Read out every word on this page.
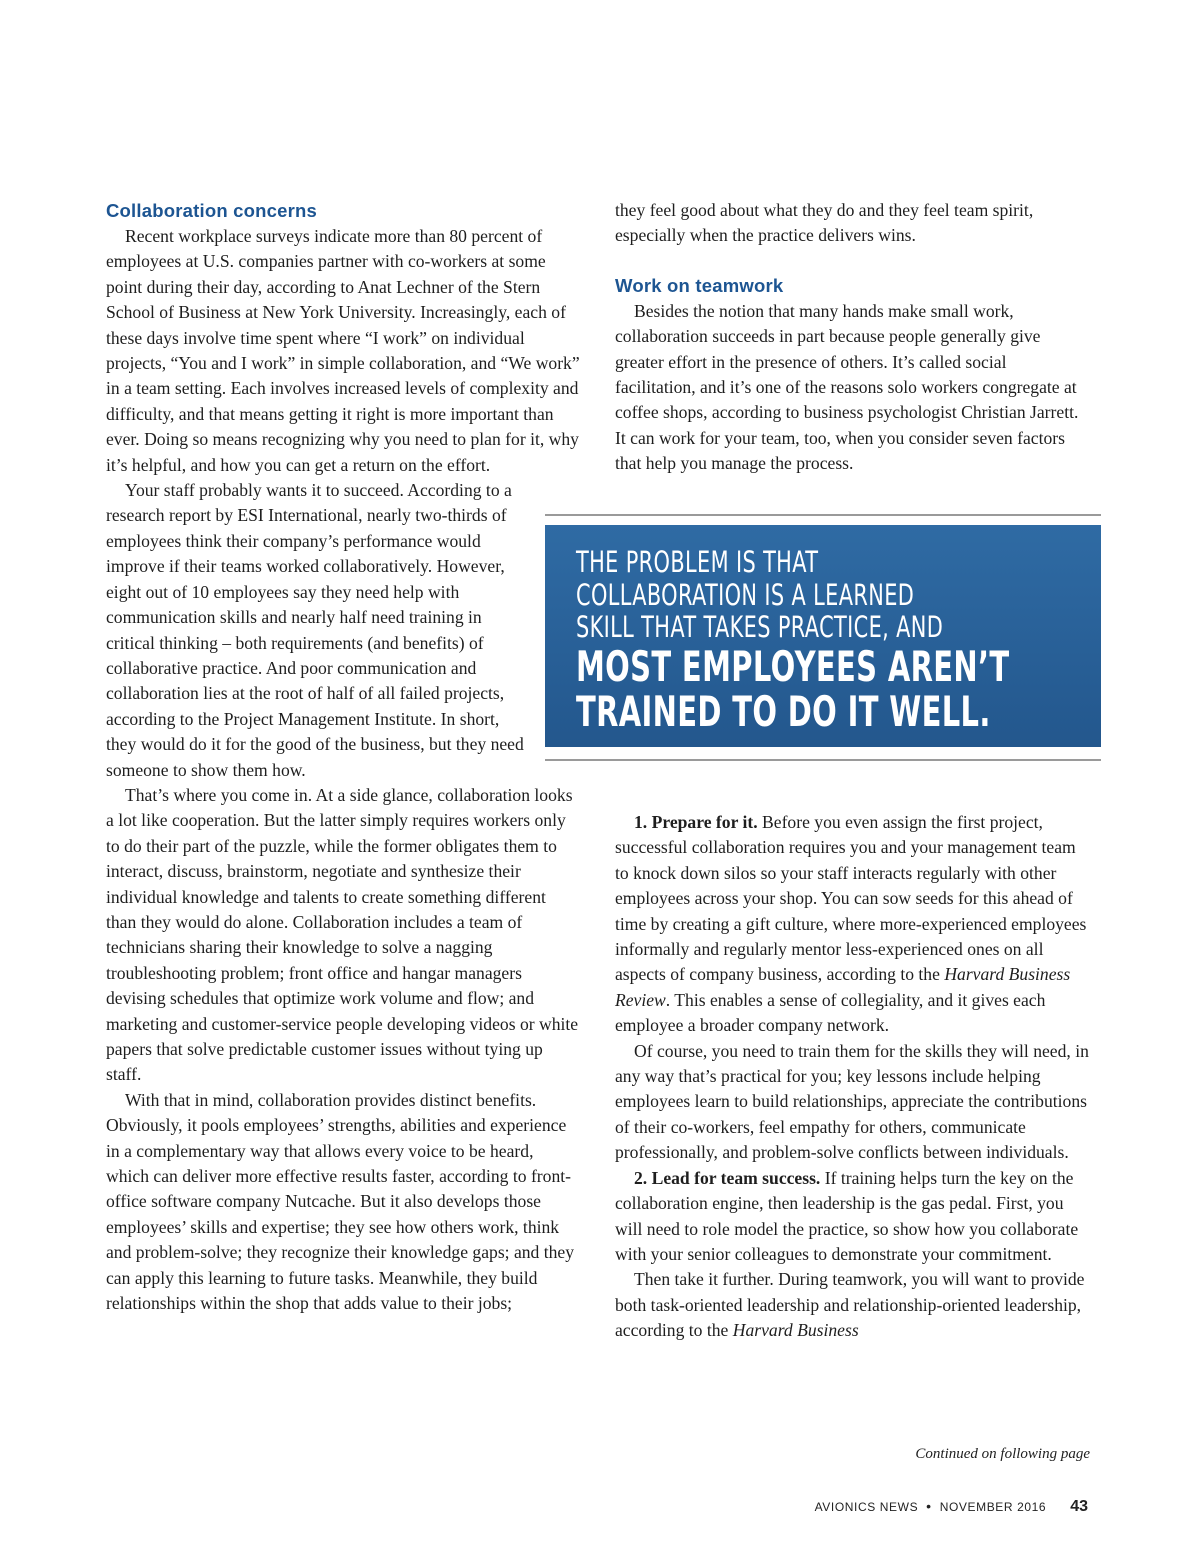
Collaboration concerns

Recent workplace surveys indicate more than 80 percent of employees at U.S. companies partner with co-workers at some point during their day, according to Anat Lechner of the Stern School of Business at New York University. Increasingly, each of these days involve time spent where “I work” on individual projects, “You and I work” in simple collaboration, and “We work” in a team setting. Each involves increased levels of complexity and difficulty, and that means getting it right is more important than ever. Doing so means recognizing why you need to plan for it, why it’s helpful, and how you can get a return on the effort.

Your staff probably wants it to succeed. According to a research report by ESI International, nearly two-thirds of employees think their company’s performance would improve if their teams worked collaboratively. However, eight out of 10 employees say they need help with communication skills and nearly half need training in critical thinking – both requirements (and benefits) of collaborative practice. And poor communication and collaboration lies at the root of half of all failed projects, according to the Project Management Institute. In short, they would do it for the good of the business, but they need someone to show them how.

That’s where you come in. At a side glance, collaboration looks a lot like cooperation. But the latter simply requires workers only to do their part of the puzzle, while the former obligates them to interact, discuss, brainstorm, negotiate and synthesize their individual knowledge and talents to create something different than they would do alone. Collaboration includes a team of technicians sharing their knowledge to solve a nagging troubleshooting problem; front office and hangar managers devising schedules that optimize work volume and flow; and marketing and customer-service people developing videos or white papers that solve predictable customer issues without tying up staff.

With that in mind, collaboration provides distinct benefits. Obviously, it pools employees’ strengths, abilities and experience in a complementary way that allows every voice to be heard, which can deliver more effective results faster, according to front-office software company Nutcache. But it also develops those employees’ skills and expertise; they see how others work, think and problem-solve; they recognize their knowledge gaps; and they can apply this learning to future tasks. Meanwhile, they build relationships within the shop that adds value to their jobs;

they feel good about what they do and they feel team spirit, especially when the practice delivers wins.

Work on teamwork

Besides the notion that many hands make small work, collaboration succeeds in part because people generally give greater effort in the presence of others. It’s called social facilitation, and it’s one of the reasons solo workers congregate at coffee shops, according to business psychologist Christian Jarrett. It can work for your team, too, when you consider seven factors that help you manage the process.

THE PROBLEM IS THAT
COLLABORATION IS A LEARNED
SKILL THAT TAKES PRACTICE, AND
MOST EMPLOYEES AREN’T
TRAINED TO DO IT WELL.

1. Prepare for it. Before you even assign the first project, successful collaboration requires you and your management team to knock down silos so your staff interacts regularly with other employees across your shop. You can sow seeds for this ahead of time by creating a gift culture, where more-experienced employees informally and regularly mentor less-experienced ones on all aspects of company business, according to the Harvard Business Review. This enables a sense of collegiality, and it gives each employee a broader company network.

Of course, you need to train them for the skills they will need, in any way that’s practical for you; key lessons include helping employees learn to build relationships, appreciate the contributions of their co-workers, feel empathy for others, communicate professionally, and problem-solve conflicts between individuals.

2. Lead for team success. If training helps turn the key on the collaboration engine, then leadership is the gas pedal. First, you will need to role model the practice, so show how you collaborate with your senior colleagues to demonstrate your commitment.

Then take it further. During teamwork, you will want to provide both task-oriented leadership and relationship-oriented leadership, according to the Harvard Business

Continued on following page
AVIONICS NEWS • NOVEMBER 2016 43
